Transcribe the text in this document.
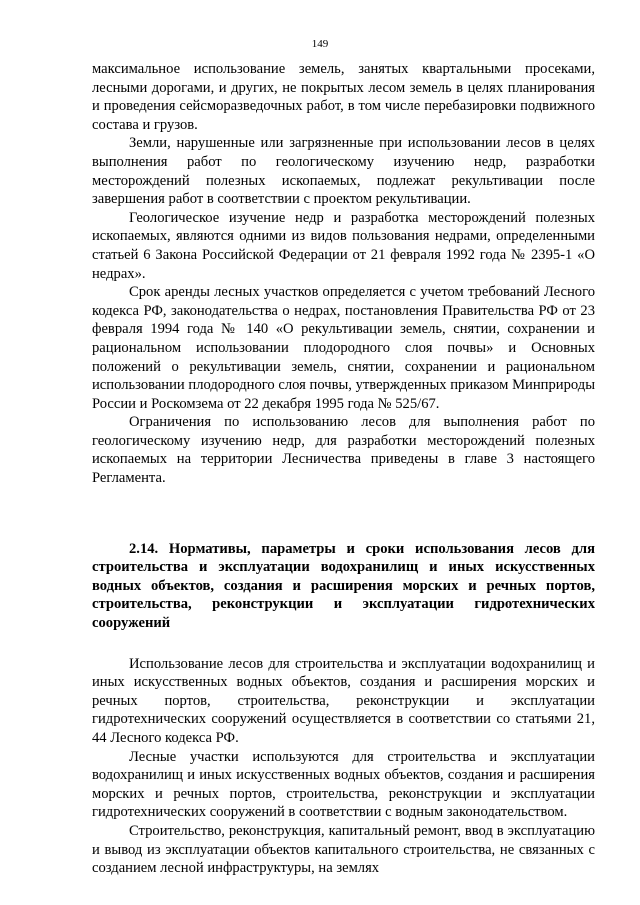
149

максимальное использование земель, занятых квартальными просеками, лесными дорогами, и других, не покрытых лесом земель в целях планирования и проведения сейсморазведочных работ, в том числе перебазировки подвижного состава и грузов.

Земли, нарушенные или загрязненные при использовании лесов в целях выполнения работ по геологическому изучению недр, разработки месторождений полезных ископаемых, подлежат рекультивации после завершения работ в соответствии с проектом рекультивации.

Геологическое изучение недр и разработка месторождений полезных ископаемых, являются одними из видов пользования недрами, определенными статьей 6 Закона Российской Федерации от 21 февраля 1992 года № 2395-1 «О недрах».

Срок аренды лесных участков определяется с учетом требований Лесного кодекса РФ, законодательства о недрах, постановления Правительства РФ от 23 февраля 1994 года № 140 «О рекультивации земель, снятии, сохранении и рациональном использовании плодородного слоя почвы» и Основных положений о рекультивации земель, снятии, сохранении и рациональном использовании плодородного слоя почвы, утвержденных приказом Минприроды России и Роскомзема от 22 декабря 1995 года № 525/67.

Ограничения по использованию лесов для выполнения работ по геологическому изучению недр, для разработки месторождений полезных ископаемых на территории Лесничества приведены в главе 3 настоящего Регламента.

2.14. Нормативы, параметры и сроки использования лесов для строительства и эксплуатации водохранилищ и иных искусственных водных объектов, создания и расширения морских и речных портов, строительства, реконструкции и эксплуатации гидротехнических сооружений

Использование лесов для строительства и эксплуатации водохранилищ и иных искусственных водных объектов, создания и расширения морских и речных портов, строительства, реконструкции и эксплуатации гидротехнических сооружений осуществляется в соответствии со статьями 21, 44 Лесного кодекса РФ.

Лесные участки используются для строительства и эксплуатации водохранилищ и иных искусственных водных объектов, создания и расширения морских и речных портов, строительства, реконструкции и эксплуатации гидротехнических сооружений в соответствии с водным законодательством.

Строительство, реконструкция, капитальный ремонт, ввод в эксплуатацию и вывод из эксплуатации объектов капитального строительства, не связанных с созданием лесной инфраструктуры, на землях
